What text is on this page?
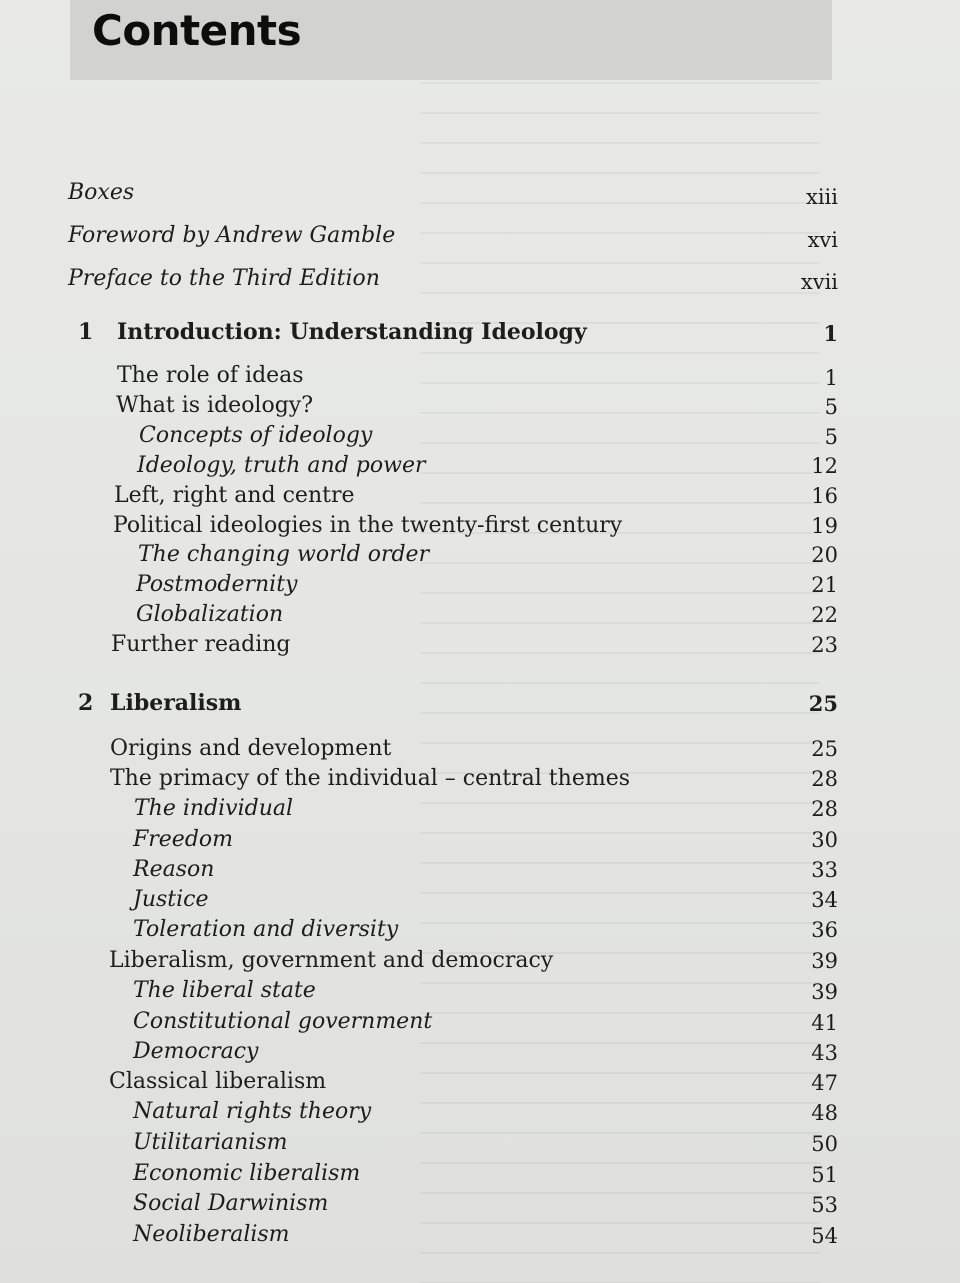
Contents
Boxes	xiii
Foreword by Andrew Gamble	xvi
Preface to the Third Edition	xvii
1 Introduction: Understanding Ideology	1
The role of ideas	1
What is ideology?	5
Concepts of ideology	5
Ideology, truth and power	12
Left, right and centre	16
Political ideologies in the twenty-first century	19
The changing world order	20
Postmodernity	21
Globalization	22
Further reading	23
2 Liberalism	25
Origins and development	25
The primacy of the individual – central themes	28
The individual	28
Freedom	30
Reason	33
Justice	34
Toleration and diversity	36
Liberalism, government and democracy	39
The liberal state	39
Constitutional government	41
Democracy	43
Classical liberalism	47
Natural rights theory	48
Utilitarianism	50
Economic liberalism	51
Social Darwinism	53
Neoliberalism	54
